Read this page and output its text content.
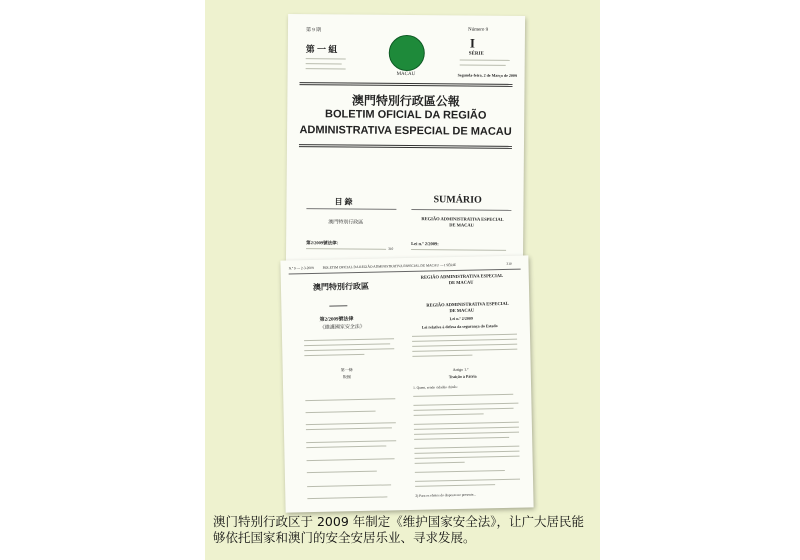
第 9 期
第 一 組
MACAU
Número 9
I
SÉRIE
Segunda-feira, 2 de Março de 2009
澳門特別行政區公報
BOLETIM OFICIAL DA REGIÃO
ADMINISTRATIVA ESPECIAL DE MACAU
目 錄	SUMÁRIO
澳門特別行政區
REGIÃO ADMINISTRATIVA ESPECIAL
DE MACAU
第2/2009號法律：	Lei n.º 2/2009:
310
N.º 9 — 2-3-2009 BOLETIM OFICIAL DA REGIÃO ADMINISTRATIVA ESPECIAL DE MACAU — I SÉRIE	310
澳門特別行政區
REGIÃO ADMINISTRATIVA ESPECIAL
DE MACAU
第2/2009號法律
《維護國家安全法》
REGIÃO ADMINISTRATIVA ESPECIAL
DE MACAU
Lei n.º 2/2009
Lei relativa à defesa da segurança do Estado
第一條
叛國
Artigo 1.º
Traição à Pátria
1. Quem, sendo cidadão chinês:
2) Para os efeitos do disposto no presente...
澳门特别行政区于 2009 年制定《维护国家安全法》，让广大居民能够依托国家和澳门的安全安居乐业、寻求发展。
